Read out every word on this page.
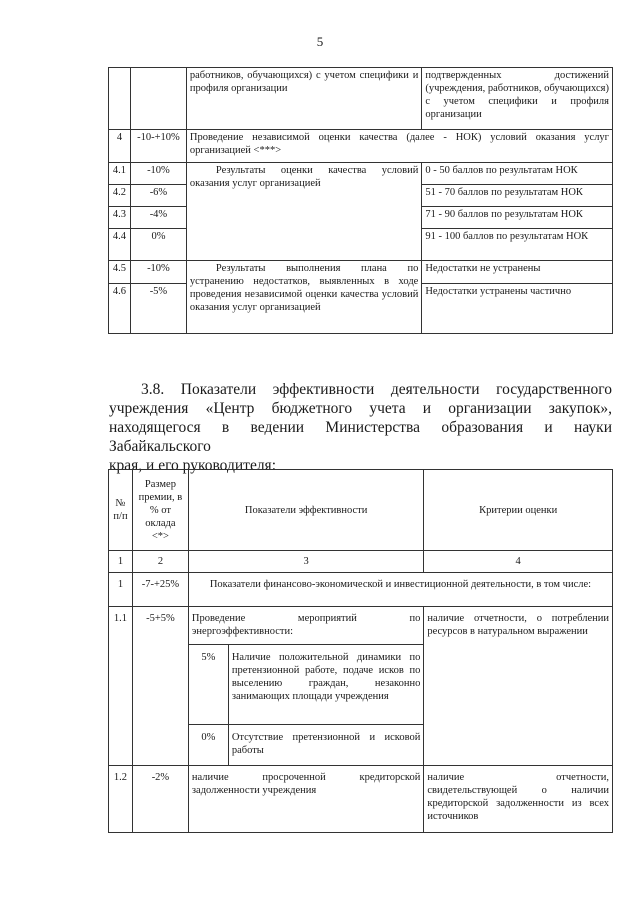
5
		работников, обучающихся) с учетом специфики и профиля организации	подтвержденных достижений (учреждения, работников, обучающихся) с учетом специфики и профиля организации
4	-10-+10%	Проведение независимой оценки качества (далее - НОК) условий оказания услуг организацией <***>	
4.1	-10%	Результаты оценки качества условий оказания услуг организацией	0 - 50 баллов по результатам НОК
4.2	-6%		51 - 70 баллов по результатам НОК
4.3	-4%		71 - 90 баллов по результатам НОК
4.4	0%		91 - 100 баллов по результатам НОК
4.5	-10%	Результаты выполнения плана по устранению недостатков, выявленных в ходе проведения независимой оценки качества условий оказания услуг организацией	Недостатки не устранены
4.6	-5%		Недостатки устранены частично
3.8. Показатели эффективности деятельности государственного
учреждения «Центр бюджетного учета и организации закупок»,
находящегося в ведении Министерства образования и науки Забайкальского
края, и его руководителя:
№ п/п	Размер премии, в % от оклада <*>	Показатели эффективности		Критерии оценки
1	2	3		4
1	-7-+25%	Показатели финансово-экономической и инвестиционной деятельности, в том числе:		
1.1	-5+5%	Проведение мероприятий по энергоэффективности:		наличие отчетности, о потреблении ресурсов в натуральном выражении
		5%	Наличие положительной динамики по претензионной работе, подаче исков по выселению граждан, незаконно занимающих площади учреждения	
		0%	Отсутствие претензионной и исковой работы	
1.2	-2%	наличие просроченной кредиторской задолженности учреждения		наличие отчетности, свидетельствующей о наличии кредиторской задолженности из всех источников
